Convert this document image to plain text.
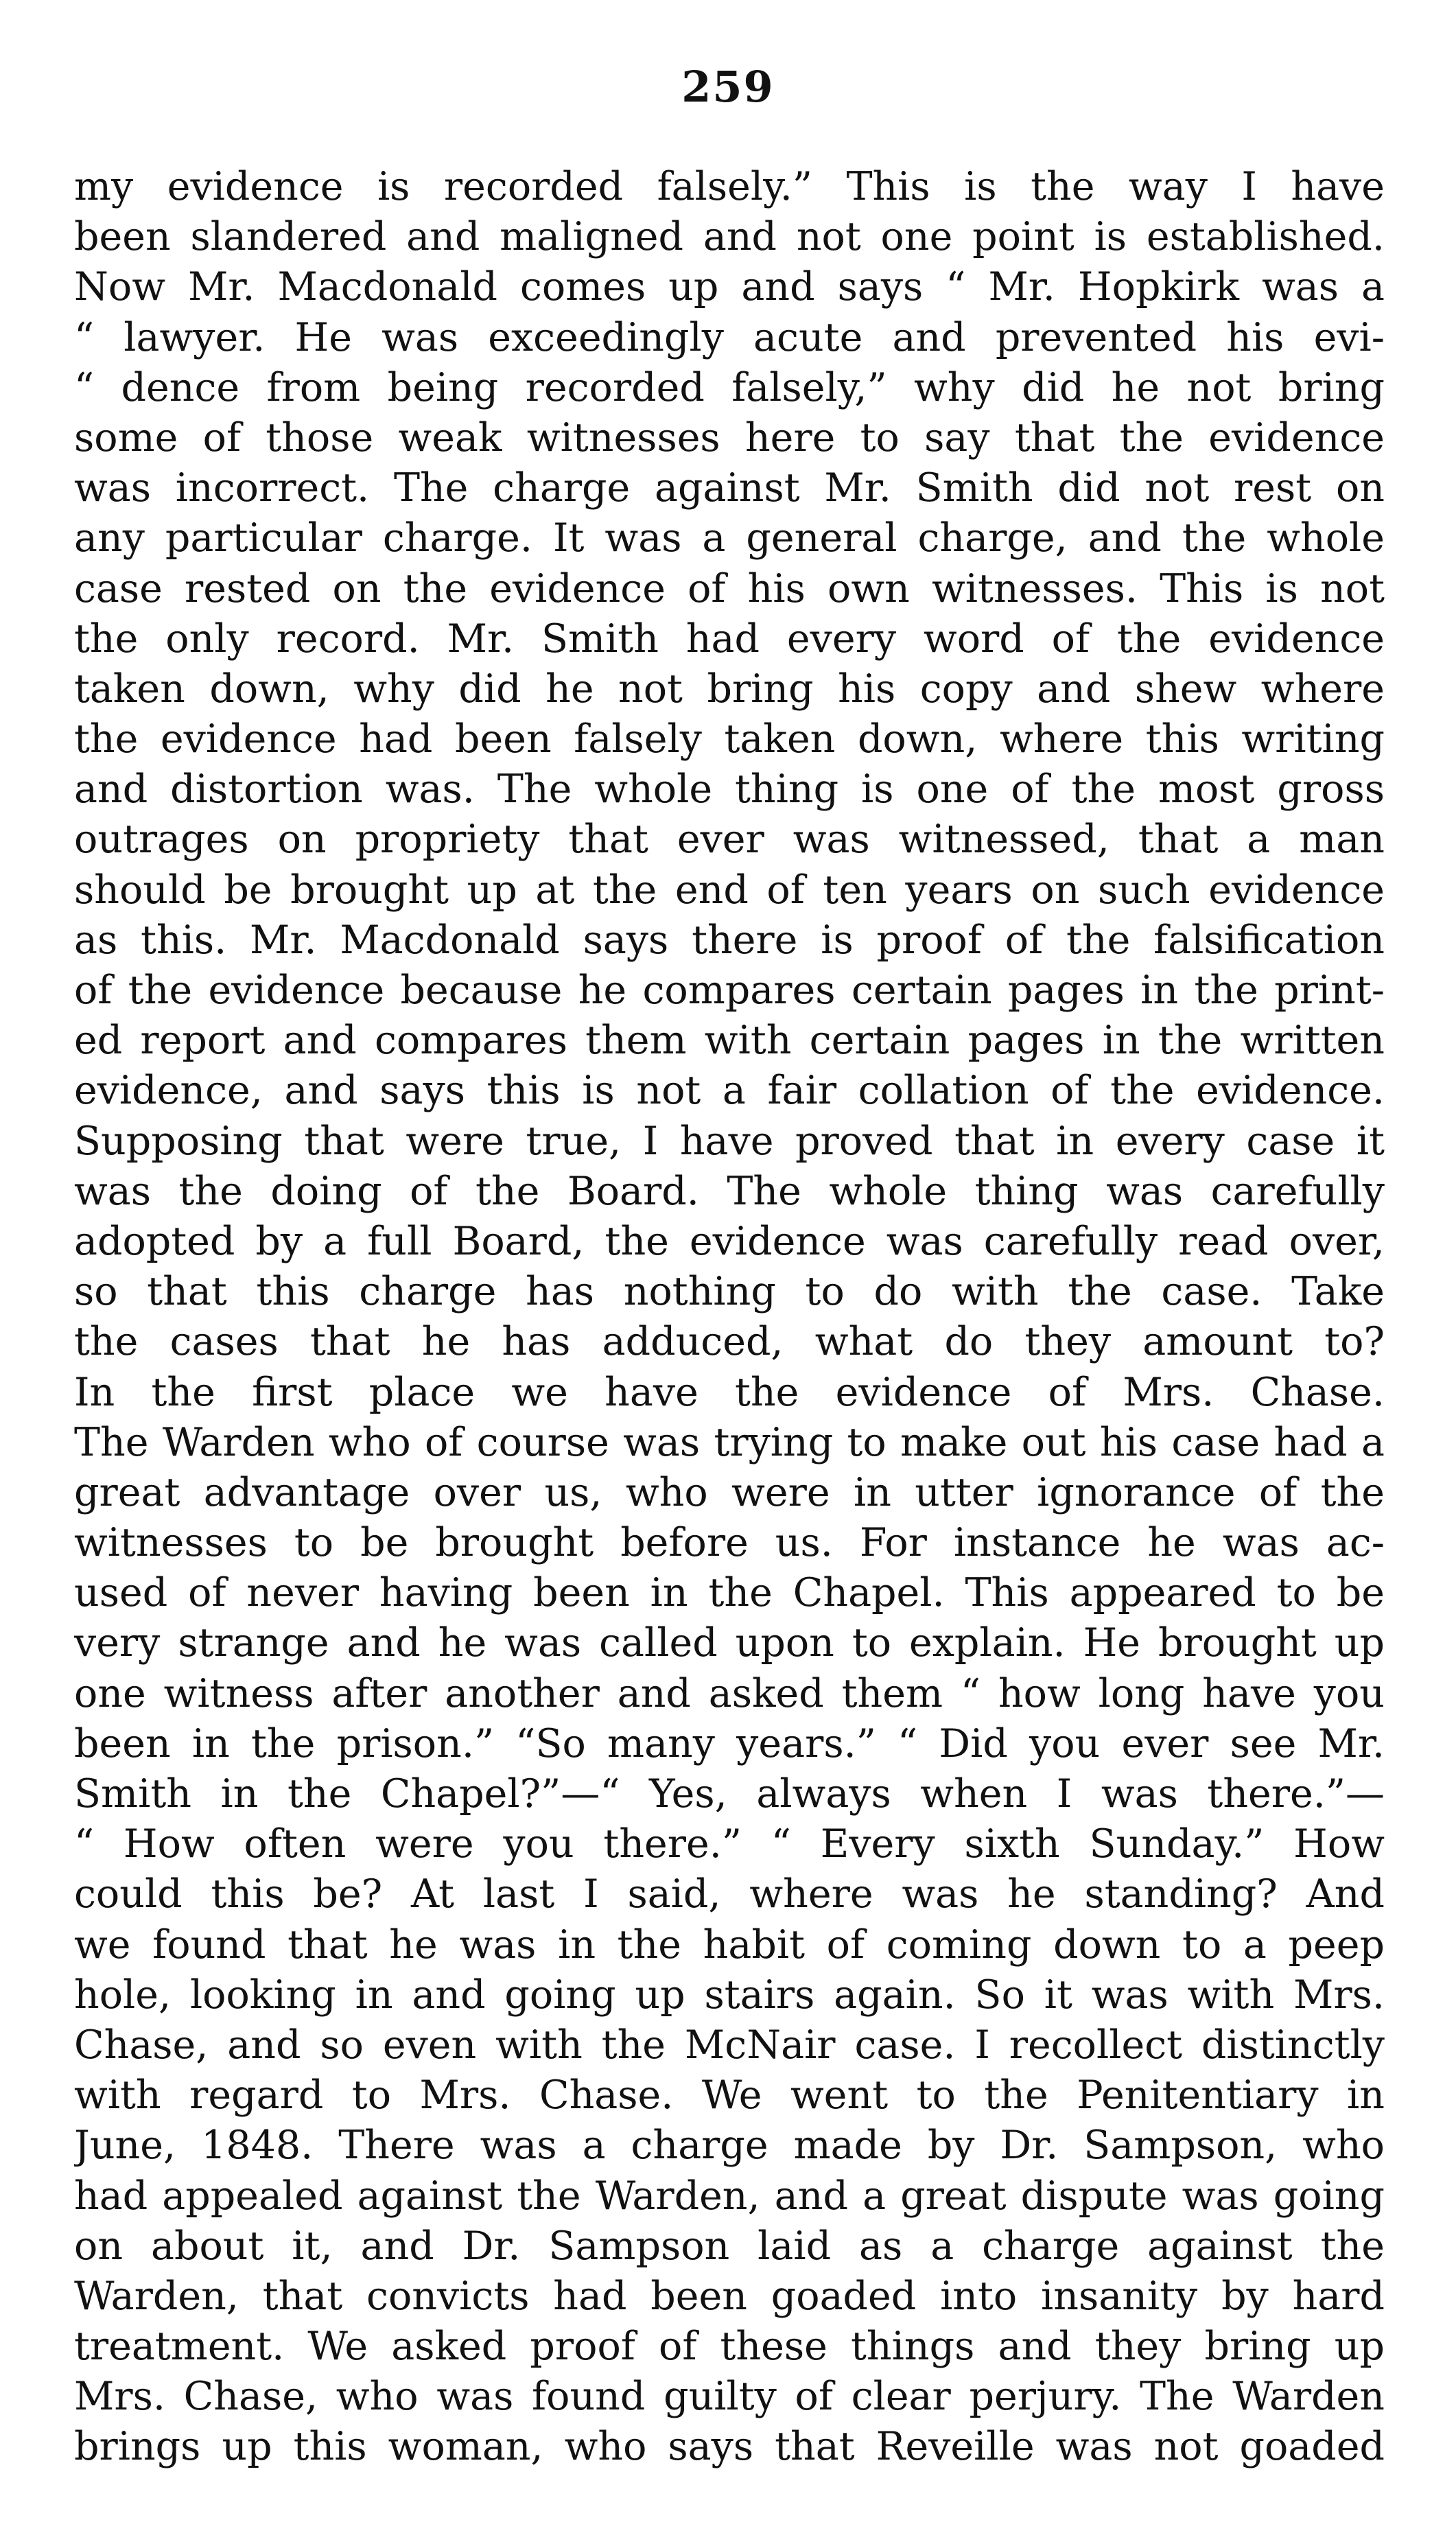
259
my evidence is recorded falsely.” This is the way I have
been slandered and maligned and not one point is established.
Now Mr. Macdonald comes up and says “ Mr. Hopkirk was a
“ lawyer. He was exceedingly acute and prevented his evi-
“ dence from being recorded falsely,” why did he not bring
some of those weak witnesses here to say that the evidence
was incorrect. The charge against Mr. Smith did not rest on
any particular charge. It was a general charge, and the whole
case rested on the evidence of his own witnesses. This is not
the only record. Mr. Smith had every word of the evidence
taken down, why did he not bring his copy and shew where
the evidence had been falsely taken down, where this writing
and distortion was. The whole thing is one of the most gross
outrages on propriety that ever was witnessed, that a man
should be brought up at the end of ten years on such evidence
as this. Mr. Macdonald says there is proof of the falsification
of the evidence because he compares certain pages in the print-
ed report and compares them with certain pages in the written
evidence, and says this is not a fair collation of the evidence.
Supposing that were true, I have proved that in every case it
was the doing of the Board. The whole thing was carefully
adopted by a full Board, the evidence was carefully read over,
so that this charge has nothing to do with the case. Take
the cases that he has adduced, what do they amount to?
In the first place we have the evidence of Mrs. Chase.
The Warden who of course was trying to make out his case had a
great advantage over us, who were in utter ignorance of the
witnesses to be brought before us. For instance he was ac-
used of never having been in the Chapel. This appeared to be
very strange and he was called upon to explain. He brought up
one witness after another and asked them “ how long have you
been in the prison.” “So many years.” “ Did you ever see Mr.
Smith in the Chapel?”—“ Yes, always when I was there.”—
“ How often were you there.” “ Every sixth Sunday.” How
could this be? At last I said, where was he standing? And
we found that he was in the habit of coming down to a peep
hole, looking in and going up stairs again. So it was with Mrs.
Chase, and so even with the McNair case. I recollect distinctly
with regard to Mrs. Chase. We went to the Penitentiary in
June, 1848. There was a charge made by Dr. Sampson, who
had appealed against the Warden, and a great dispute was going
on about it, and Dr. Sampson laid as a charge against the
Warden, that convicts had been goaded into insanity by hard
treatment. We asked proof of these things and they bring up
Mrs. Chase, who was found guilty of clear perjury. The Warden
brings up this woman, who says that Reveille was not goaded
